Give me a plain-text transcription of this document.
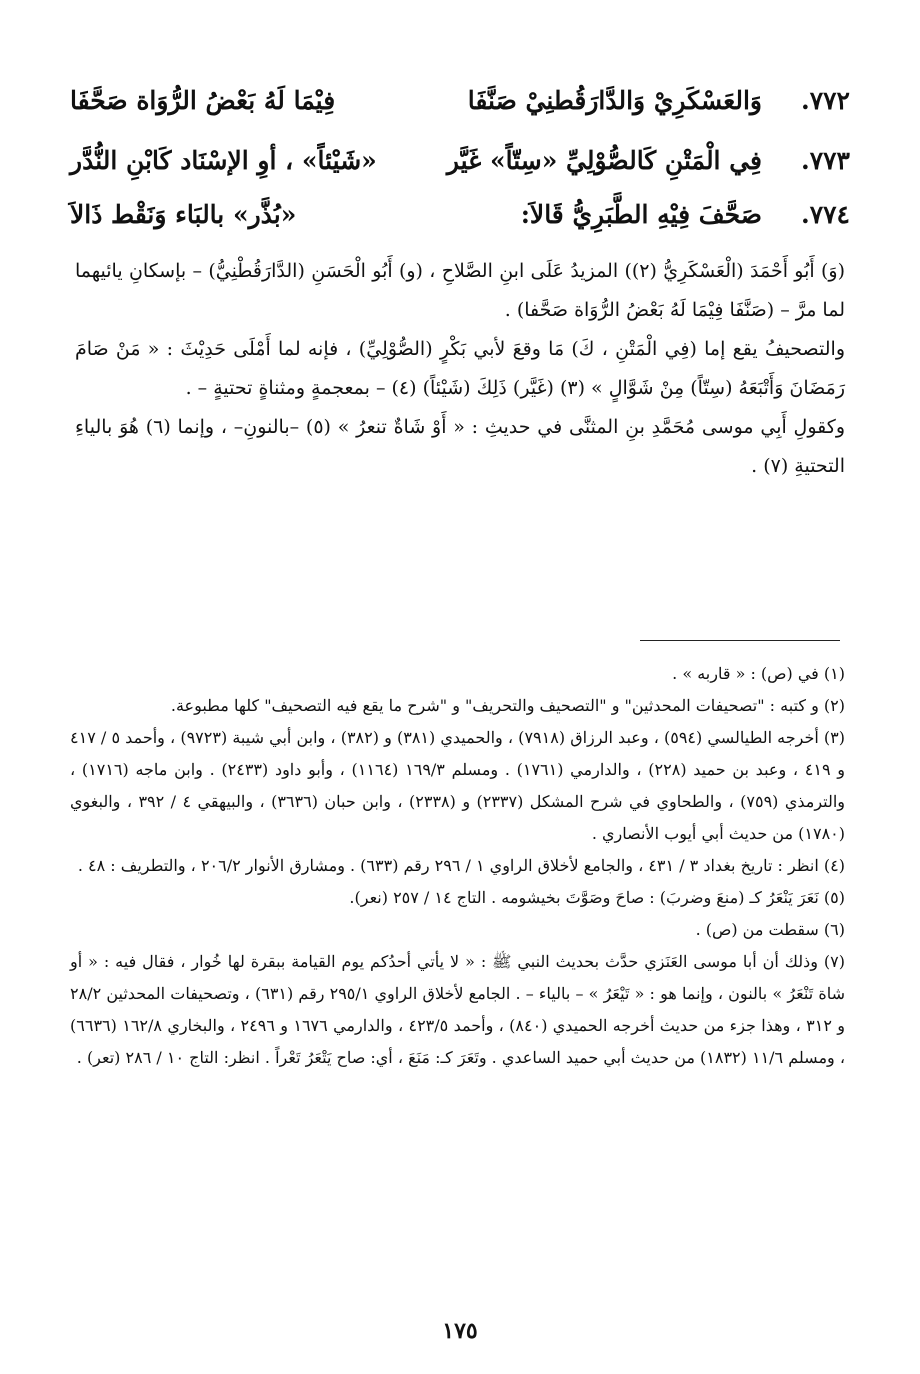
٧٧٢.
وَالعَسْكَرِيْ وَالدَّارَقُطنِيْ صَنَّفَا
فِيْمَا لَهُ بَعْضُ الرُّوَاة صَحَّفَا
٧٧٣.
فِي الْمَتْنِ كَالصُّوْلِيِّ «سِتّاً» غَيَّر
«شَيْئاً» ، أوِ الإسْنَاد كَابْنِ النُّدَّر
٧٧٤.
صَحَّفَ فِيْهِ الطَّبَرِيُّ قَالاَ:
«بُذَّر» بالبَاء وَنَقْط ذَالاَ

(وَ) أَبُو أَحْمَدَ (الْعَسْكَرِيُّ (٢)) المزيدُ عَلَى ابنِ الصَّلاحِ ، (و) أَبُو الْحَسَنِ (الدَّارَقُطْنِيُّ) – بإسكانِ يائيهما لما مرَّ – (صَنَّفَا فِيْمَا لَهُ بَعْضُ الرُّوَاة صَحَّفا) .

والتصحيفُ يقع إما (فِي الْمَتْنِ ، كَ) مَا وقعَ لأبي بَكْرٍ (الصُّوْلِيِّ) ، فإنه لما أَمْلَى حَدِيْثَ : « مَنْ صَامَ رَمَضَانَ وَأَتْبَعَهُ (سِتّاً) مِنْ شَوَّالٍ » (٣) (غَيَّر) ذَلِكَ (شَيْئاً) (٤) – بمعجمةٍ ومثناةٍ تحتيةٍ – .

وكقولِ أَبِي موسى مُحَمَّدِ بنِ المثنَّى في حديثِ : « أَوْ شَاةٌ تنعرُ » (٥) –بالنونِ– ، وإنما (٦) هُوَ بالياءِ التحتيةِ (٧) .

(١) في (ص) : « قاربه » .

(٢) و كتبه : "تصحيفات المحدثين" و "التصحيف والتحريف" و "شرح ما يقع فيه التصحيف" كلها مطبوعة.

(٣) أخرجه الطيالسي (٥٩٤) ، وعبد الرزاق (٧٩١٨) ، والحميدي (٣٨١) و (٣٨٢) ، وابن أبي شيبة (٩٧٢٣) ، وأحمد ٥ / ٤١٧ و ٤١٩ ، وعبد بن حميد (٢٢٨) ، والدارمي (١٧٦١) . ومسلم ١٦٩/٣ (١١٦٤) ، وأبو داود (٢٤٣٣) . وابن ماجه (١٧١٦) ، والترمذي (٧٥٩) ، والطحاوي في شرح المشكل (٢٣٣٧) و (٢٣٣٨) ، وابن حبان (٣٦٣٦) ، والبيهقي ٤ / ٣٩٢ ، والبغوي (١٧٨٠) من حديث أبي أيوب الأنصاري .

(٤) انظر : تاريخ بغداد ٣ / ٤٣١ ، والجامع لأخلاق الراوي ١ / ٢٩٦ رقم (٦٣٣) . ومشارق الأنوار ٢٠٦/٢ ، والتطريف : ٤٨ .

(٥) نَعَرَ يَنْعَرُ كـ (منعَ وضربَ) : صاحَ وصَوَّتَ بخيشومه . التاج ١٤ / ٢٥٧ (نعر).

(٦) سقطت من (ص) .

(٧) وذلك أن أبا موسى العَنَزي حدَّث بحديث النبي ﷺ : « لا يأتي أحدُكم يوم القيامة ببقرة لها خُوار ، فقال فيه : « أو شاة تَنْعَرُ » بالنون ، وإنما هو : « تَيْعَرُ » – بالياء – . الجامع لأخلاق الراوي ٢٩٥/١ رقم (٦٣١) ، وتصحيفات المحدثين ٢٨/٢ و ٣١٢ ، وهذا جزء من حديث أخرجه الحميدي (٨٤٠) ، وأحمد ٤٢٣/٥ ، والدارمي ١٦٧٦ و ٢٤٩٦ ، والبخاري ١٦٢/٨ (٦٦٣٦) ، ومسلم ١١/٦ (١٨٣٢) من حديث أبي حميد الساعدي . وتَعَرَ كـ: مَنَعَ ، أي: صاح يَتْعَرُ تَعْراً . انظر: التاج ١٠ / ٢٨٦ (تعر) .

١٧٥
